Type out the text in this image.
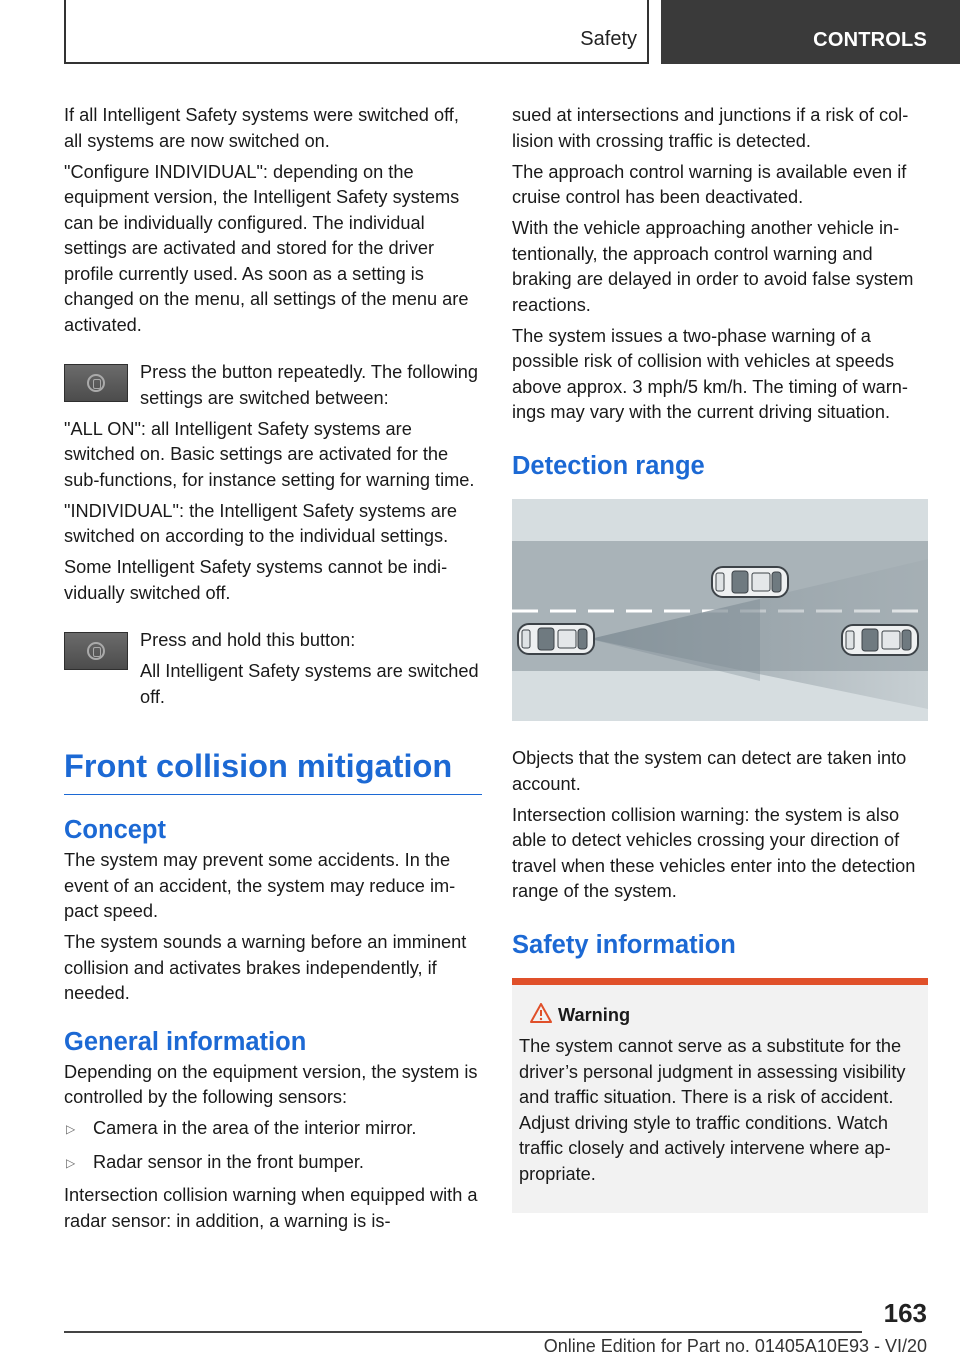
Safety	CONTROLS

If all Intelligent Safety systems were switched off, all systems are now switched on.

"Configure INDIVIDUAL": depending on the equipment version, the Intelligent Safety systems can be individually configured. The individual settings are activated and stored for the driver profile currently used. As soon as a setting is changed on the menu, all settings of the menu are activated.

Press the button repeatedly. The following settings are switched between:

"ALL ON": all Intelligent Safety systems are switched on. Basic settings are activated for the sub-functions, for instance setting for warning time.

"INDIVIDUAL": the Intelligent Safety systems are switched on according to the individual settings.

Some Intelligent Safety systems cannot be individually switched off.

Press and hold this button:

All Intelligent Safety systems are switched off.

Front collision mitigation
Concept

The system may prevent some accidents. In the event of an accident, the system may reduce impact speed.

The system sounds a warning before an imminent collision and activates brakes independently, if needed.

General information

Depending on the equipment version, the system is controlled by the following sensors:

▷ Camera in the area of the interior mirror.
▷ Radar sensor in the front bumper.

Intersection collision warning when equipped with a radar sensor: in addition, a warning is is-

sued at intersections and junctions if a risk of collision with crossing traffic is detected.

The approach control warning is available even if cruise control has been deactivated.

With the vehicle approaching another vehicle intentionally, the approach control warning and braking are delayed in order to avoid false system reactions.

The system issues a two-phase warning of a possible risk of collision with vehicles at speeds above approx. 3 mph/5 km/h. The timing of warnings may vary with the current driving situation.

Detection range

Objects that the system can detect are taken into account.

Intersection collision warning: the system is also able to detect vehicles crossing your direction of travel when these vehicles enter into the detection range of the system.

Safety information
Warning

The system cannot serve as a substitute for the driver’s personal judgment in assessing visibility and traffic situation. There is a risk of accident. Adjust driving style to traffic conditions. Watch traffic closely and actively intervene where appropriate.

163
Online Edition for Part no. 01405A10E93 - VI/20
